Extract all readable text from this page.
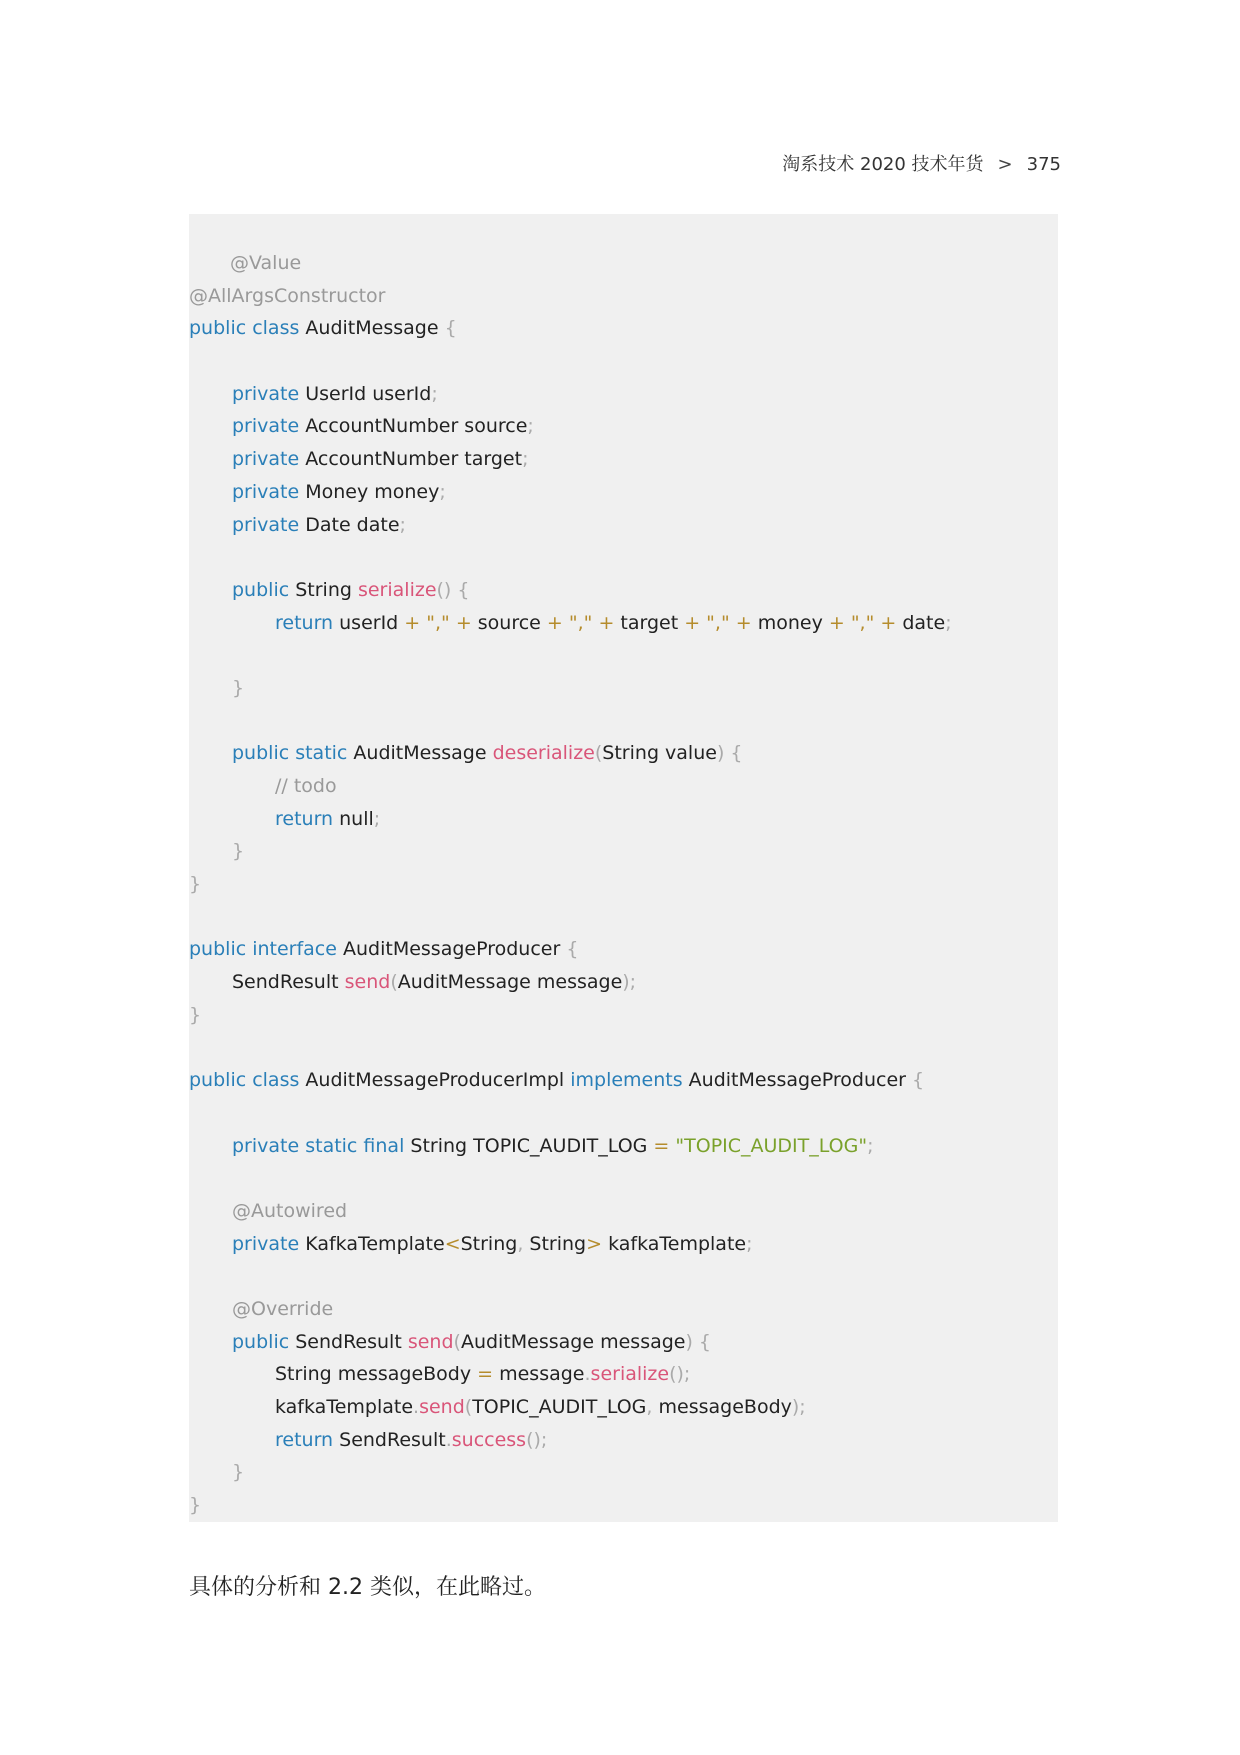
淘系技术 2020 技术年货 > 375
@Value
@AllArgsConstructor
public class AuditMessage {

private UserId userId;
private AccountNumber source;
private AccountNumber target;
private Money money;
private Date date;

public String serialize() {
return userId + "," + source + "," + target + "," + money + "," + date;

}

public static AuditMessage deserialize(String value) {
// todo
return null;
}
}

public interface AuditMessageProducer {
SendResult send(AuditMessage message);
}

public class AuditMessageProducerImpl implements AuditMessageProducer {

private static final String TOPIC_AUDIT_LOG = "TOPIC_AUDIT_LOG";

@Autowired
private KafkaTemplate<String, String> kafkaTemplate;

@Override
public SendResult send(AuditMessage message) {
String messageBody = message.serialize();
kafkaTemplate.send(TOPIC_AUDIT_LOG, messageBody);
return SendResult.success();
}
}
具体的分析和 2.2 类似，在此略过。
